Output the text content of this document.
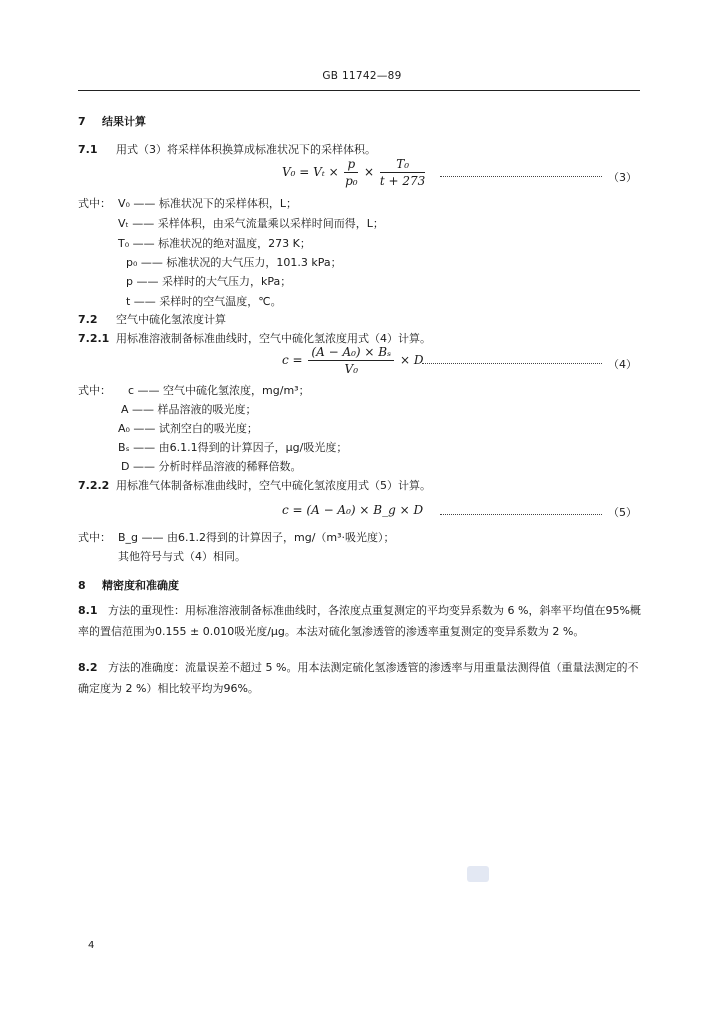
GB 11742—89
7 结果计算
7.1 用式（3）将采样体积换算成标准状况下的采样体积。
$V_0 = V_t \times \frac{p}{\text{p₀}} \times \frac{\text{T₀}}{t + 273}$	（3）
式中： V₀ —— 标准状况下的采样体积，L；
Vₜ —— 采样体积，由采气流量乘以采样时间而得，L；
T₀ —— 标准状况的绝对温度，273 K；
p₀ —— 标准状况的大气压力，101.3 kPa；
p —— 采样时的大气压力，kPa；
t —— 采样时的空气温度，℃。
7.2 空气中硫化氢浓度计算
7.2.1 用标准溶液制备标准曲线时，空气中硫化氢浓度用式（4）计算。
$c = \frac{\text{(A − A₀) × Bₛ}}{\text{V₀}} \times D$	（4）
式中： c —— 空气中硫化氢浓度，mg/m³；
A —— 样品溶液的吸光度；
A₀ —— 试剂空白的吸光度；
Bₛ —— 由6.1.1得到的计算因子，μg/吸光度；
D —— 分析时样品溶液的稀释倍数。
7.2.2 用标准气体制备标准曲线时，空气中硫化氢浓度用式（5）计算。
c = (A − A₀) × B_g × D	（5）
式中： B_g —— 由6.1.2得到的计算因子，mg/（m³·吸光度）；
其他符号与式（4）相同。
8 精密度和准确度
8.1 方法的重现性：用标准溶液制备标准曲线时，各浓度点重复测定的平均变异系数为 6 %，斜率平均值在95%概率的置信范围为0.155 ± 0.010吸光度/μg。本法对硫化氢渗透管的渗透率重复测定的变异系数为 2 %。
8.2 方法的准确度：流量误差不超过 5 %。用本法测定硫化氢渗透管的渗透率与用重量法测得值（重量法测定的不确定度为 2 %）相比较平均为96%。
4
